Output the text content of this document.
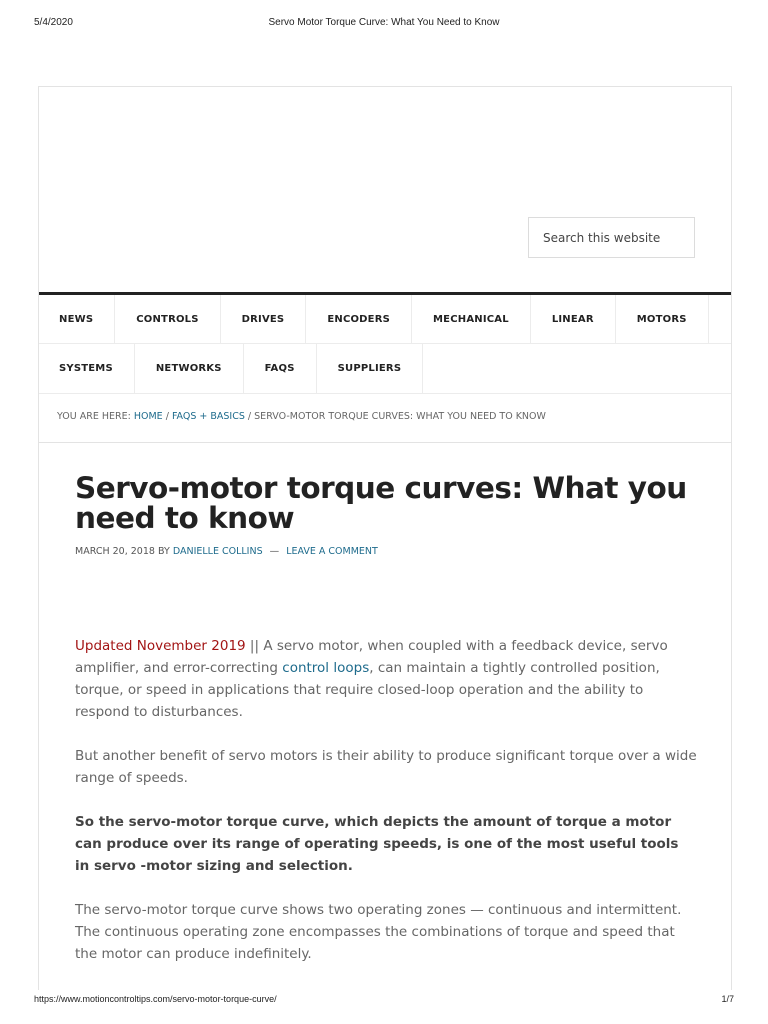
5/4/2020	Servo Motor Torque Curve: What You Need to Know
Search this website
NEWS	CONTROLS	DRIVES	ENCODERS	MECHANICAL	LINEAR	MOTORS
SYSTEMS	NETWORKS	FAQS	SUPPLIERS
YOU ARE HERE: HOME / FAQS + BASICS / SERVO-MOTOR TORQUE CURVES: WHAT YOU NEED TO KNOW
Servo-motor torque curves: What you need to know
MARCH 20, 2018 BY DANIELLE COLLINS — LEAVE A COMMENT

Updated November 2019 || A servo motor, when coupled with a feedback device, servo amplifier, and error-correcting control loops, can maintain a tightly controlled position, torque, or speed in applications that require closed-loop operation and the ability to respond to disturbances.

But another benefit of servo motors is their ability to produce significant torque over a wide range of speeds.

So the servo-motor torque curve, which depicts the amount of torque a motor can produce over its range of operating speeds, is one of the most useful tools in servo -motor sizing and selection.

The servo-motor torque curve shows two operating zones — continuous and intermittent. The continuous operating zone encompasses the combinations of torque and speed that the motor can produce indefinitely.

https://www.motioncontroltips.com/servo-motor-torque-curve/	1/7
